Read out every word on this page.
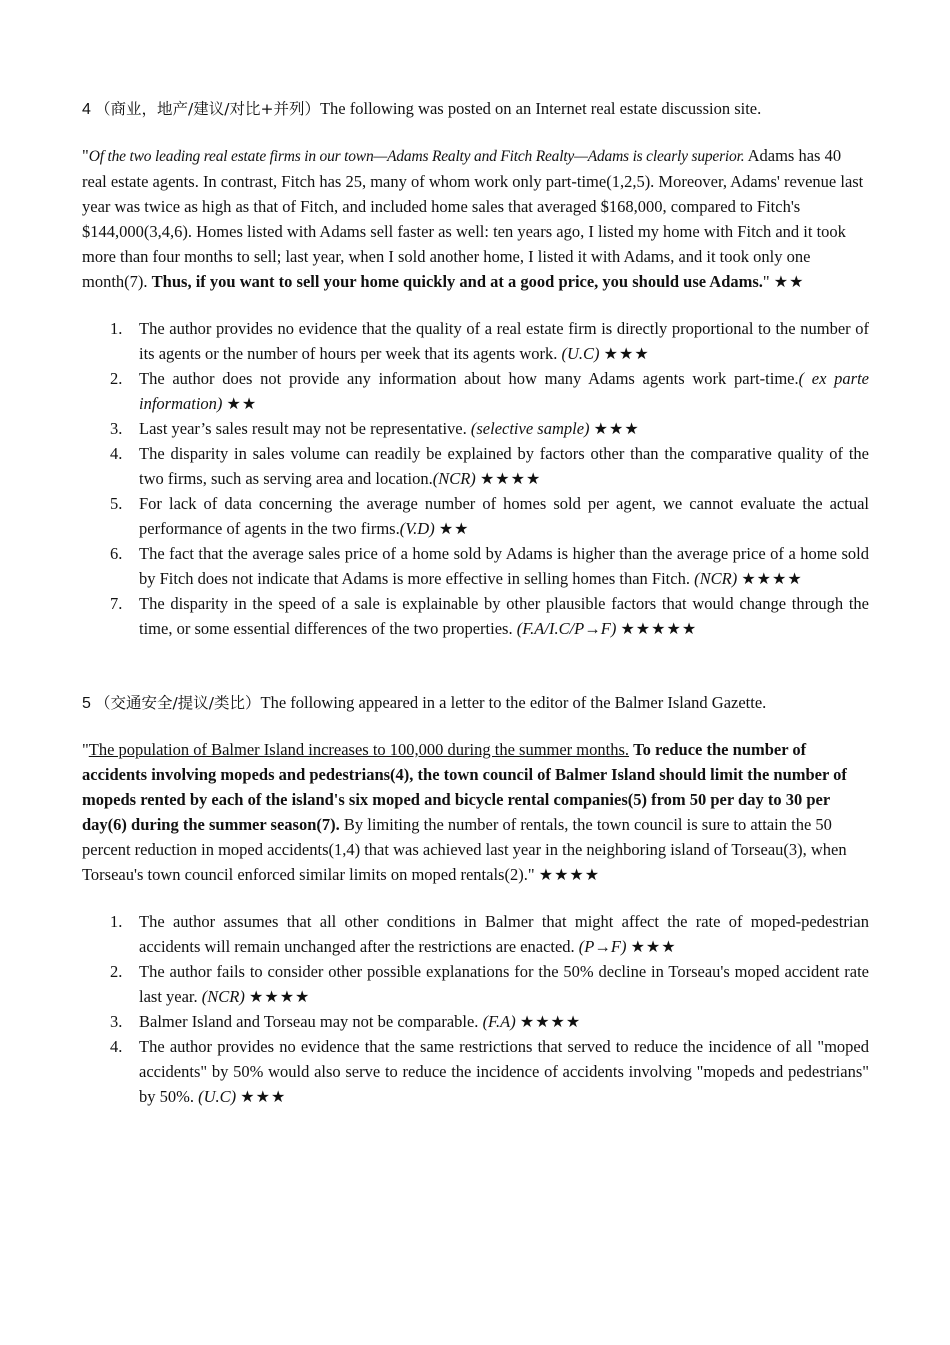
4 （商业，地产/建议/对比+并列）The following was posted on an Internet real estate discussion site.

"Of the two leading real estate firms in our town—Adams Realty and Fitch Realty—Adams is clearly superior. Adams has 40 real estate agents. In contrast, Fitch has 25, many of whom work only part-time(1,2,5). Moreover, Adams' revenue last year was twice as high as that of Fitch, and included home sales that averaged $168,000, compared to Fitch's $144,000(3,4,6). Homes listed with Adams sell faster as well: ten years ago, I listed my home with Fitch and it took more than four months to sell; last year, when I sold another home, I listed it with Adams, and it took only one month(7). Thus, if you want to sell your home quickly and at a good price, you should use Adams." ★★

1. The author provides no evidence that the quality of a real estate firm is directly proportional to the number of its agents or the number of hours per week that its agents work. (U.C) ★★★
2. The author does not provide any information about how many Adams agents work part-time.( ex parte information) ★★
3. Last year’s sales result may not be representative. (selective sample) ★★★
4. The disparity in sales volume can readily be explained by factors other than the comparative quality of the two firms, such as serving area and location.(NCR) ★★★★
5. For lack of data concerning the average number of homes sold per agent, we cannot evaluate the actual performance of agents in the two firms.(V.D) ★★
6. The fact that the average sales price of a home sold by Adams is higher than the average price of a home sold by Fitch does not indicate that Adams is more effective in selling homes than Fitch. (NCR) ★★★★
7. The disparity in the speed of a sale is explainable by other plausible factors that would change through the time, or some essential differences of the two properties. (F.A/I.C/P→F) ★★★★★

5 （交通安全/提议/类比）The following appeared in a letter to the editor of the Balmer Island Gazette.

"The population of Balmer Island increases to 100,000 during the summer months. To reduce the number of accidents involving mopeds and pedestrians(4), the town council of Balmer Island should limit the number of mopeds rented by each of the island's six moped and bicycle rental companies(5) from 50 per day to 30 per day(6) during the summer season(7). By limiting the number of rentals, the town council is sure to attain the 50 percent reduction in moped accidents(1,4) that was achieved last year in the neighboring island of Torseau(3), when Torseau's town council enforced similar limits on moped rentals(2)." ★★★★

1. The author assumes that all other conditions in Balmer that might affect the rate of moped-pedestrian accidents will remain unchanged after the restrictions are enacted. (P→F) ★★★
2. The author fails to consider other possible explanations for the 50% decline in Torseau's moped accident rate last year. (NCR) ★★★★
3. Balmer Island and Torseau may not be comparable. (F.A) ★★★★
4. The author provides no evidence that the same restrictions that served to reduce the incidence of all "moped accidents" by 50% would also serve to reduce the incidence of accidents involving "mopeds and pedestrians" by 50%. (U.C) ★★★
